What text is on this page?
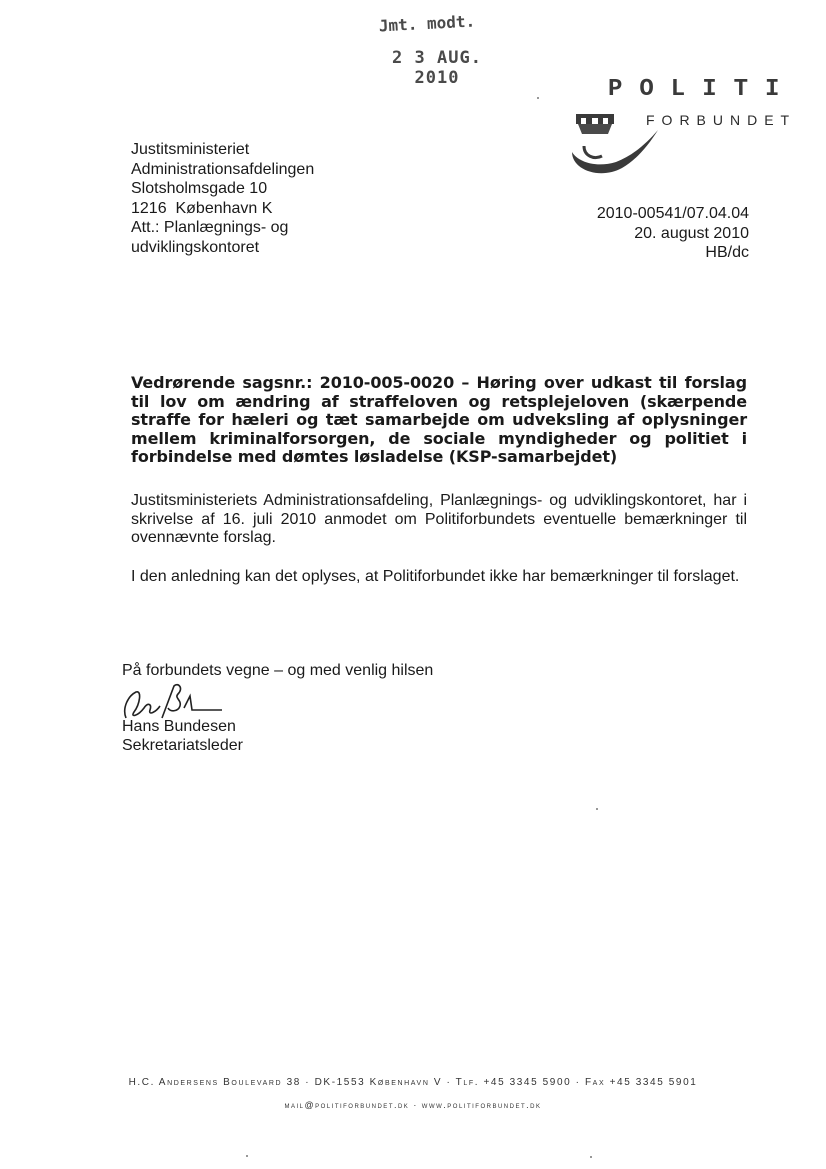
Jmt. modt.
2 3 AUG. 2010	POLITI
FORBUNDET
Justitsministeriet
Administrationsafdelingen
Slotsholmsgade 10
1216  København K
Att.: Planlægnings- og
udviklingskontoret
2010-00541/07.04.04
20. august 2010
HB/dc
Vedrørende sagsnr.: 2010-005-0020 – Høring over udkast til forslag til lov om ændring af straffeloven og retsplejeloven (skærpende straffe for hæleri og tæt samarbejde om udveksling af oplysninger mellem kriminalforsorgen, de sociale myndigheder og politiet i forbindelse med dømtes løsladelse (KSP-samarbejdet)
Justitsministeriets Administrationsafdeling, Planlægnings- og udviklingskontoret, har i skrivelse af 16. juli 2010 anmodet om Politiforbundets eventuelle bemærkninger til ovennævnte forslag.
I den anledning kan det oplyses, at Politiforbundet ikke har bemærkninger til forslaget.
På forbundets vegne – og med venlig hilsen
Hans Bundesen
Sekretariatsleder
H.C. Andersens Boulevard 38 · DK-1553 København V · Tlf. +45 3345 5900 · Fax +45 3345 5901
mail@politiforbundet.dk · www.politiforbundet.dk
